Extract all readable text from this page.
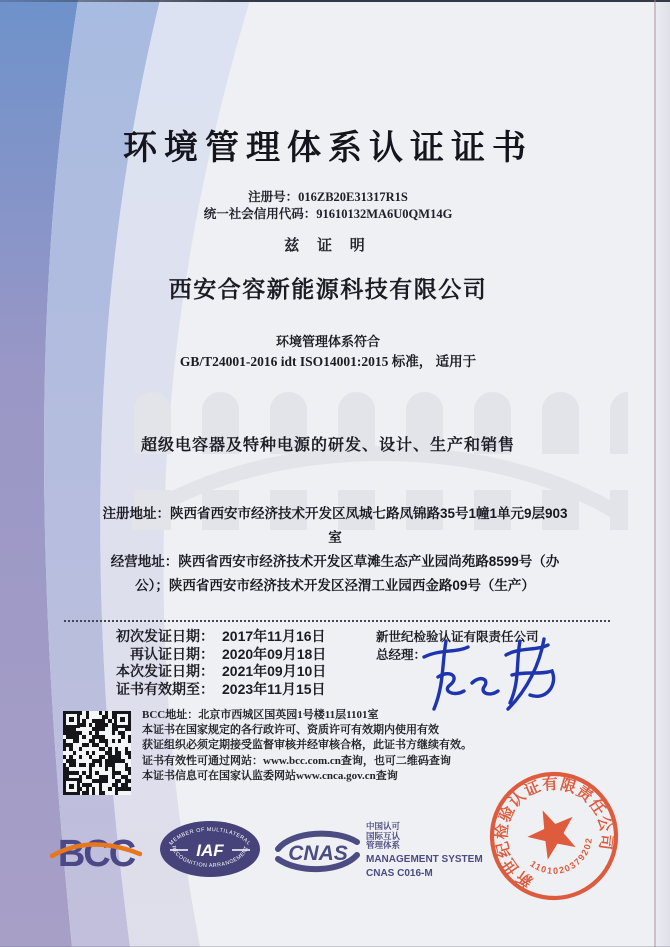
环境管理体系认证证书
注册号：016ZB20E31317R1S
统一社会信用代码：91610132MA6U0QM14G
兹 证 明
西安合容新能源科技有限公司
环境管理体系符合
GB/T24001-2016 idt ISO14001:2015 标准， 适用于
超级电容器及特种电源的研发、设计、生产和销售
注册地址：陕西省西安市经济技术开发区凤城七路凤锦路35号1幢1单元9层903室
经营地址：陕西省西安市经济技术开发区草滩生态产业园尚苑路8599号（办公）；陕西省西安市经济技术开发区泾渭工业园西金路09号（生产）
初次发证日期： 2017年11月16日
再认证日期： 2020年09月18日
本次发证日期： 2021年09月10日
证书有效期至： 2023年11月15日
新世纪检验认证有限责任公司
总经理：
BCC地址：北京市西城区国英园1号楼11层1101室
本证书在国家规定的各行政许可、资质许可有效期内使用有效
获证组织必须定期接受监督审核并经审核合格，此证书方继续有效。
证书有效性可通过网站：www.bcc.com.cn查询，也可二维码查询
本证书信息可在国家认监委网站www.cnca.gov.cn查询
BCC	MEMBER OF MULTILATERAL
RECOGNITION ARRANGEMENT
IAF	CNAS
中国认可
国际互认
管理体系
MANAGEMENT SYSTEM
CNAS C016-M	新世纪检验认证有限责任公司
1101020379202
